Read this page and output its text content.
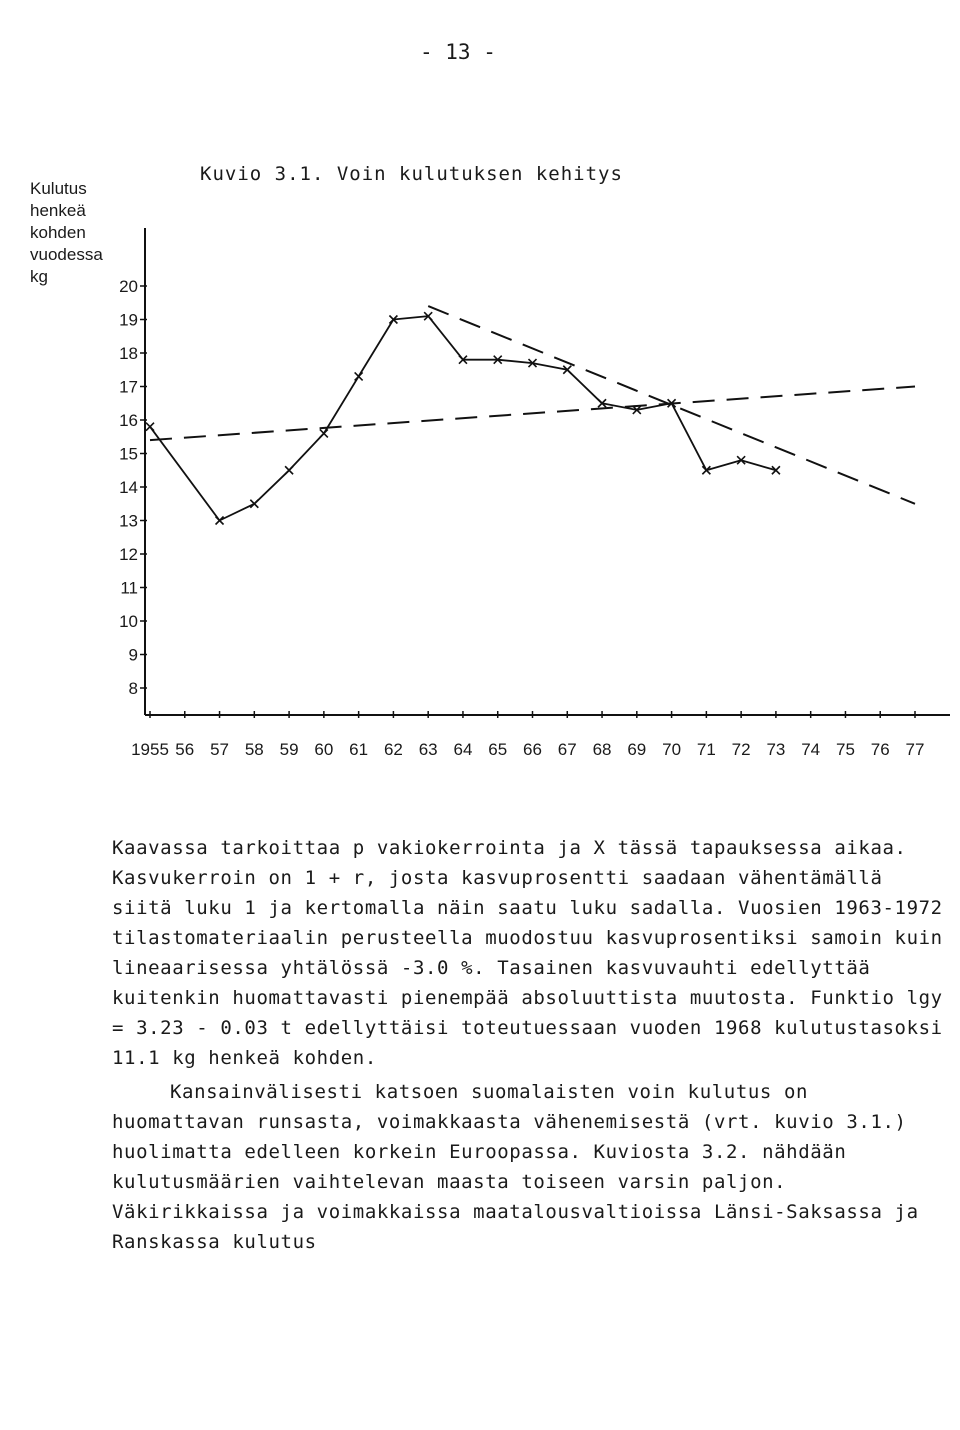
- 13 -
Kuvio 3.1. Voin kulutuksen kehitys
Kulutus
henkeä
kohden
vuodessa
kg
8
9
10
11
12
13
14
15
16
17
18
19
20
1955 56 57 58 59 60 61 62 63 64 65 66 67 68 69 70 71 72 73 74 75 76 77

Kaavassa tarkoittaa p vakiokerrointa ja X tässä tapauksessa aikaa. Kasvukerroin on 1 + r, josta kasvuprosentti saadaan vähentämällä siitä luku 1 ja kertomalla näin saatu luku sadalla. Vuosien 1963-1972 tilastomateriaalin perusteella muodostuu kasvuprosentiksi samoin kuin lineaarisessa yhtälössä -3.0 %. Tasainen kasvuvauhti edellyttää kuitenkin huomattavasti pienempää absoluuttista muutosta. Funktio lgy = 3.23 - 0.03 t edellyttäisi toteutuessaan vuoden 1968 kulutustasoksi 11.1 kg henkeä kohden.

Kansainvälisesti katsoen suomalaisten voin kulutus on huomattavan runsasta, voimakkaasta vähenemisestä (vrt. kuvio 3.1.) huolimatta edelleen korkein Euroopassa. Kuviosta 3.2. nähdään kulutusmäärien vaihtelevan maasta toiseen varsin paljon. Väkirikkaissa ja voimakkaissa maatalousvaltioissa Länsi-Saksassa ja Ranskassa kulutus
